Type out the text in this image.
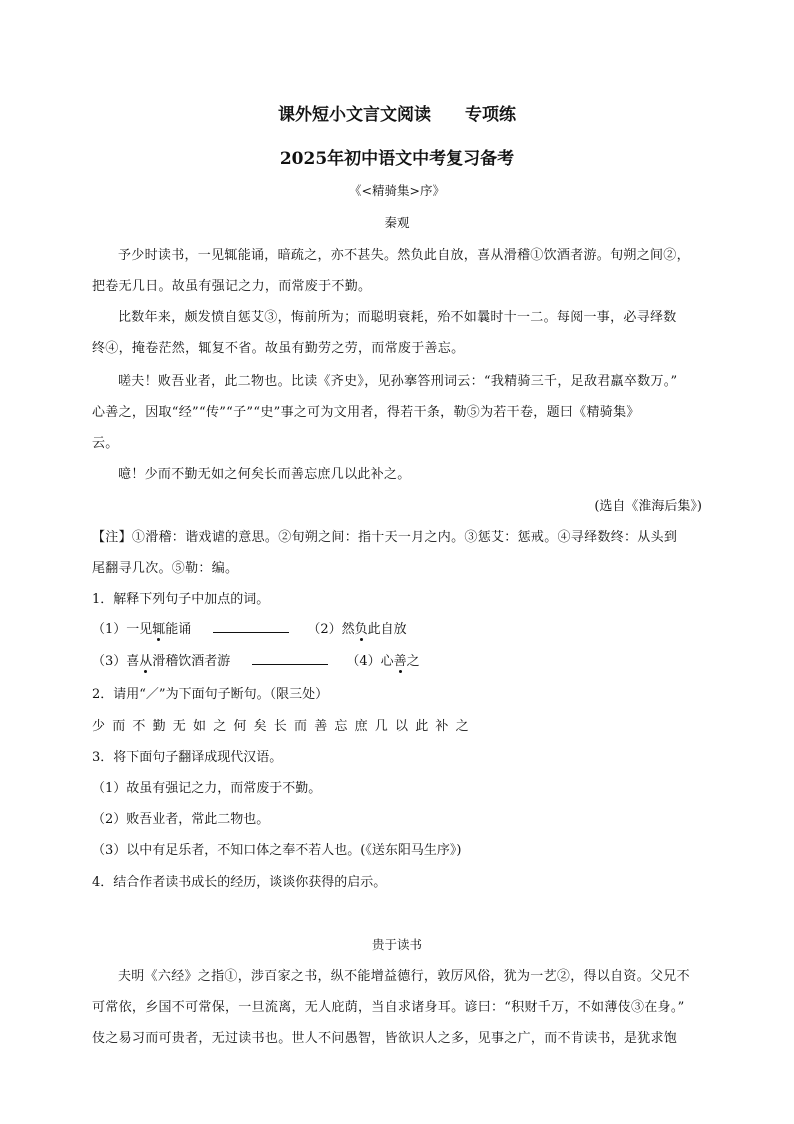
课外短小文言文阅读　　专项练
2025年初中语文中考复习备考
《<精骑集>序》
秦观
予少时读书，一见辄能诵，暗疏之，亦不甚失。然负此自放，喜从滑稽①饮酒者游。旬朔之间②，
把卷无几日。故虽有强记之力，而常废于不勤。
比数年来，颇发愤自惩艾③，悔前所为；而聪明衰耗，殆不如曩时十一二。每阅一事，必寻绎数
终④，掩卷茫然，辄复不省。故虽有勤劳之劳，而常废于善忘。
嗟夫！败吾业者，此二物也。比读《齐史》，见孙搴答刑词云：“我精骑三千，足敌君羸卒数万。”
心善之，因取“经”“传”“子”“史”事之可为文用者，得若干条，勒⑤为若干卷，题曰《精骑集》
云。
噫！少而不勤无如之何矣长而善忘庶几以此补之。
(选自《淮海后集》)
【注】①滑稽：谐戏谑的意思。②旬朔之间：指十天一月之内。③惩艾：惩戒。④寻绎数终：从头到
尾翻寻几次。⑤勒：编。
1．解释下列句子中加点的词。
（1）一见辄能诵	（2）然负此自放
（3）喜从滑稽饮酒者游	（4）心善之
2．请用“／”为下面句子断句。（限三处）
少而不勤无如之何矣长而善忘庶几以此补之
3．将下面句子翻译成现代汉语。
（1）故虽有强记之力，而常废于不勤。
（2）败吾业者，常此二物也。
（3）以中有足乐者，不知口体之奉不若人也。(《送东阳马生序》)
4．结合作者读书成长的经历，谈谈你获得的启示。
贵于读书
夫明《六经》之指①，涉百家之书，纵不能增益德行，敦厉风俗，犹为一艺②，得以自资。父兄不
可常依，乡国不可常保，一旦流离，无人庇荫，当自求诸身耳。谚曰：“积财千万，不如薄伎③在身。”
伎之易习而可贵者，无过读书也。世人不问愚智，皆欲识人之多，见事之广，而不肯读书，是犹求饱
